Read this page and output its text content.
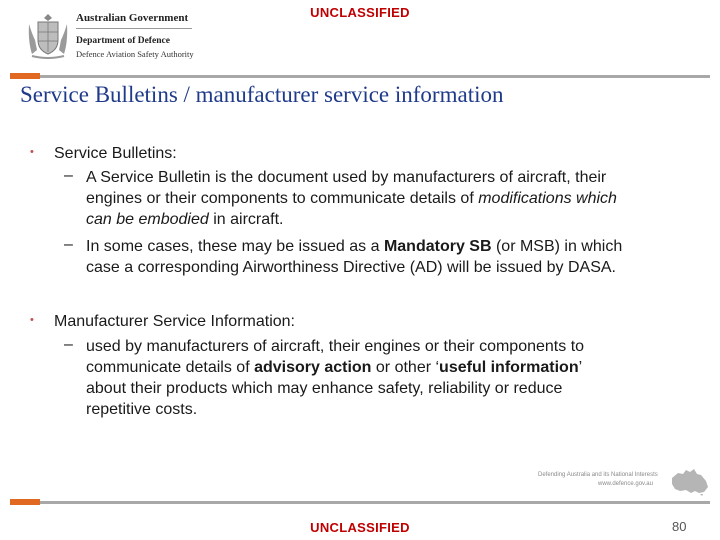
UNCLASSIFIED
Australian Government
Department of Defence
Defence Aviation Safety Authority
Service Bulletins / manufacturer service information
• Service Bulletins:
– A Service Bulletin is the document used by manufacturers of aircraft, their
engines or their components to communicate details of modifications which
can be embodied in aircraft.
– In some cases, these may be issued as a Mandatory SB (or MSB) in which
case a corresponding Airworthiness Directive (AD) will be issued by DASA.
• Manufacturer Service Information:
– used by manufacturers of aircraft, their engines or their components to
communicate details of advisory action or other ‘useful information’
about their products which may enhance safety, reliability or reduce
repetitive costs.
Defending Australia and its National Interests
www.defence.gov.au
UNCLASSIFIED	80
